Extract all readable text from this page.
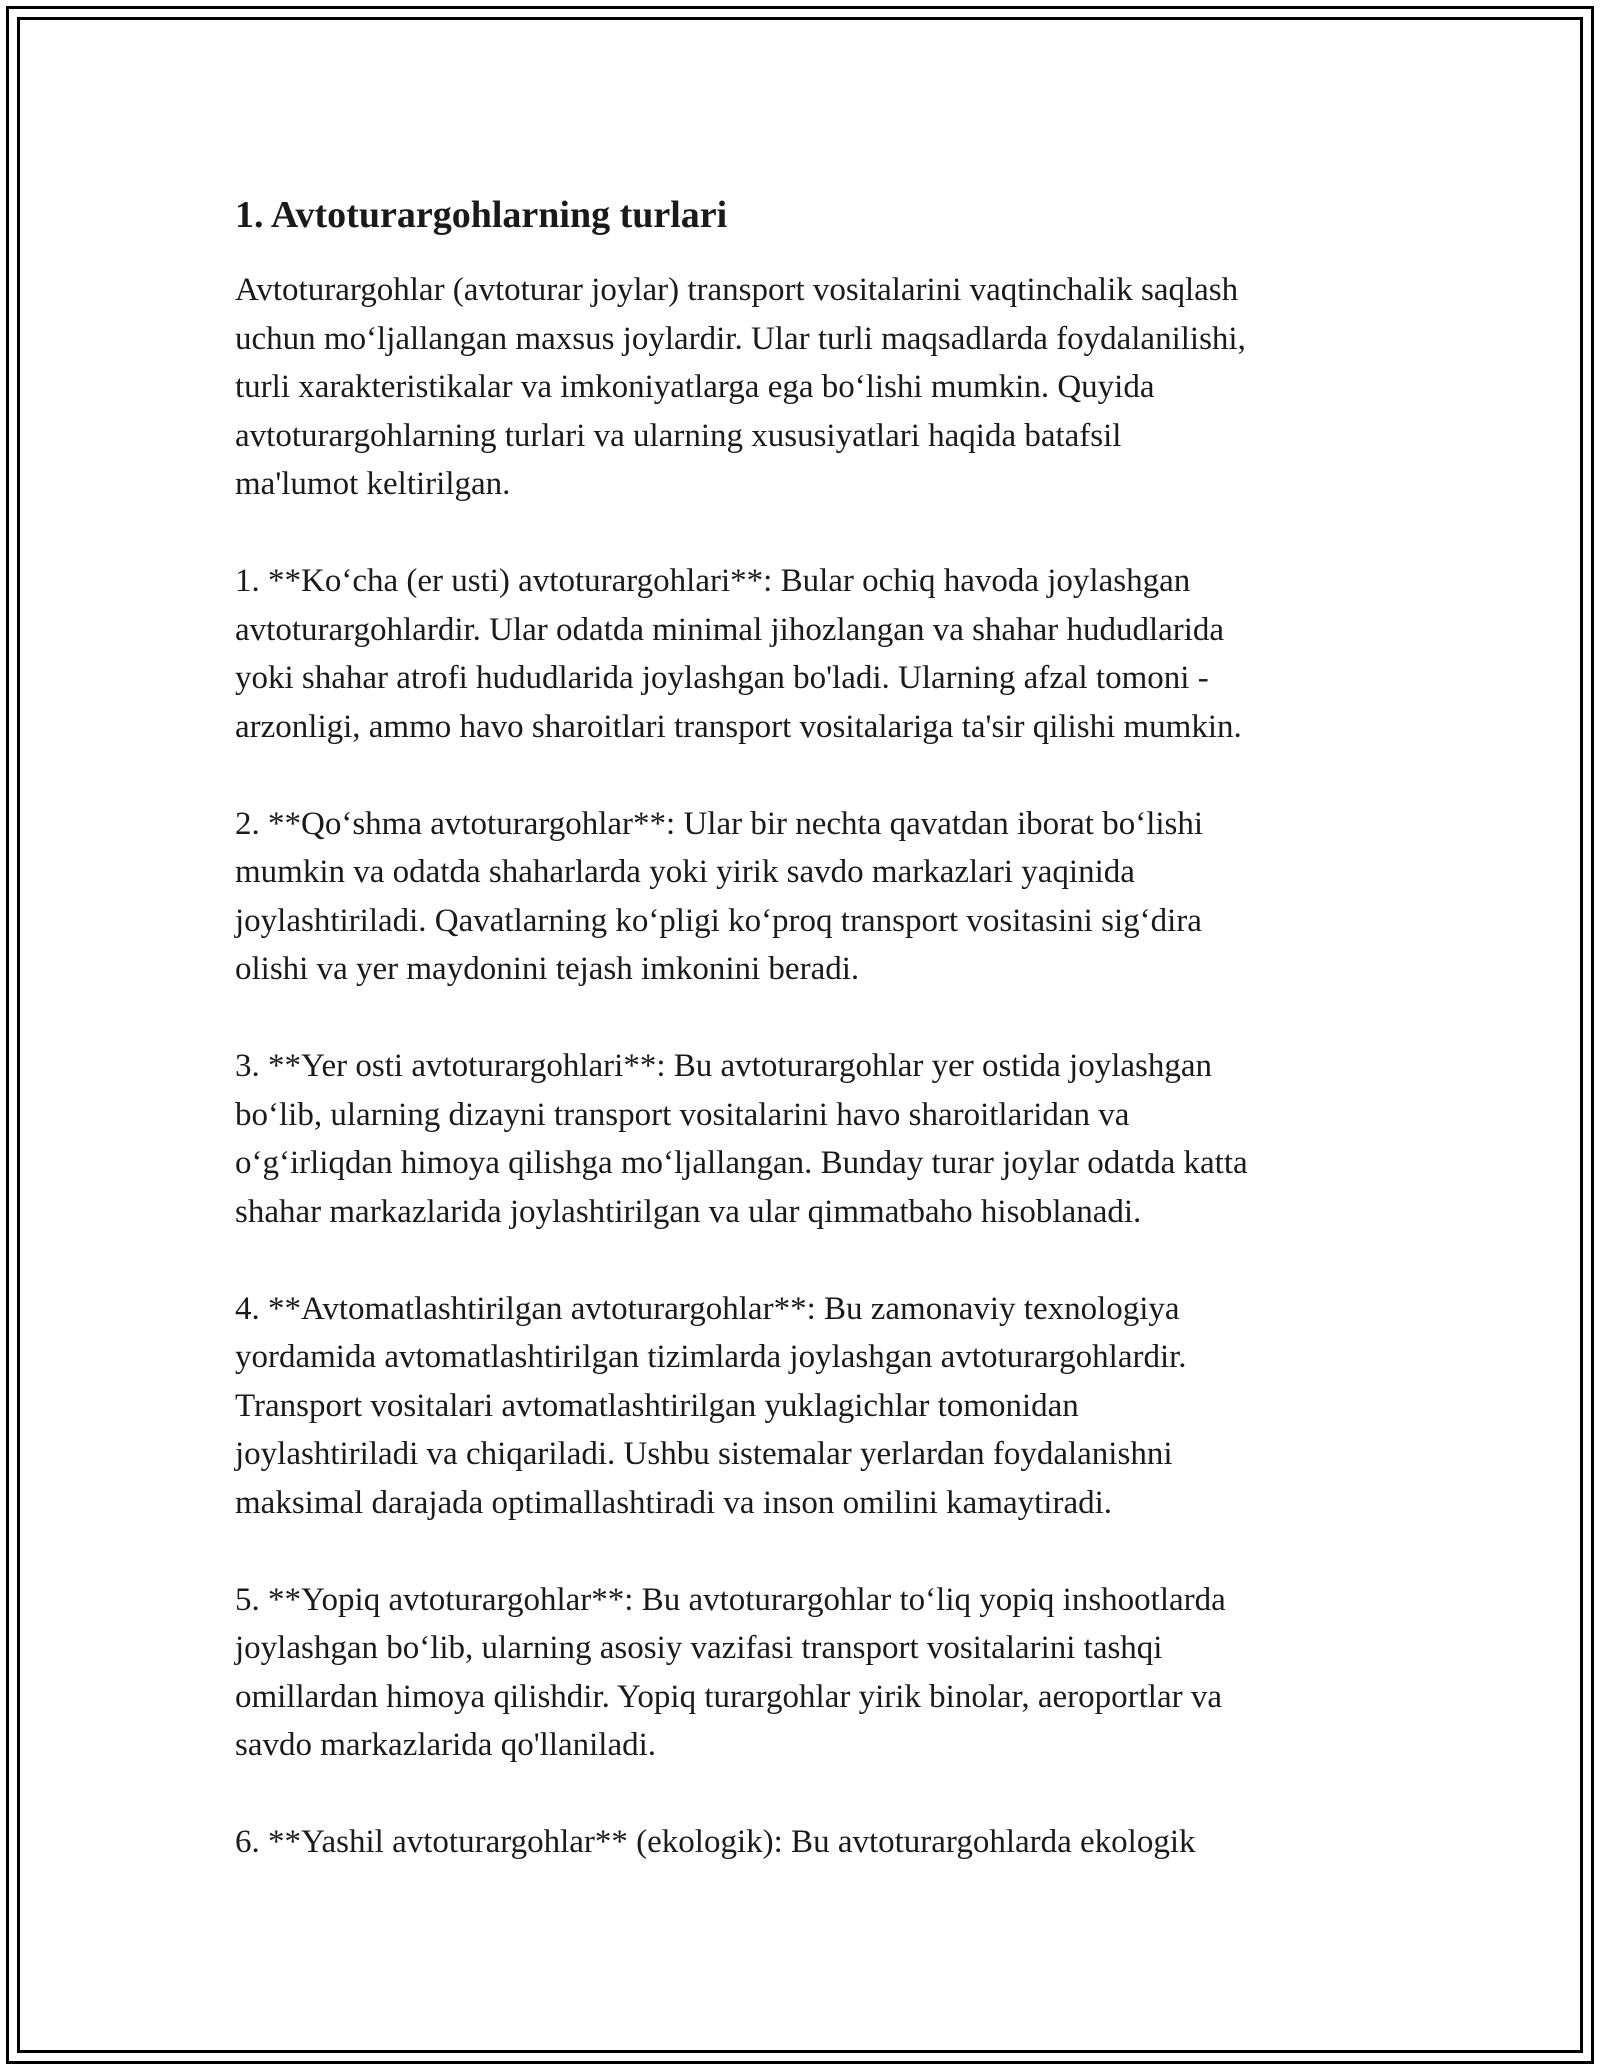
1. Avtoturargohlarning turlari

Avtoturargohlar (avtoturar joylar) transport vositalarini vaqtinchalik saqlash
uchun mo‘ljallangan maxsus joylardir. Ular turli maqsadlarda foydalanilishi,
turli xarakteristikalar va imkoniyatlarga ega bo‘lishi mumkin. Quyida
avtoturargohlarning turlari va ularning xususiyatlari haqida batafsil
ma'lumot keltirilgan.

1. **Ko‘cha (er usti) avtoturargohlari**: Bular ochiq havoda joylashgan
avtoturargohlardir. Ular odatda minimal jihozlangan va shahar hududlarida
yoki shahar atrofi hududlarida joylashgan bo'ladi. Ularning afzal tomoni -
arzonligi, ammo havo sharoitlari transport vositalariga ta'sir qilishi mumkin.

2. **Qo‘shma avtoturargohlar**: Ular bir nechta qavatdan iborat bo‘lishi
mumkin va odatda shaharlarda yoki yirik savdo markazlari yaqinida
joylashtiriladi. Qavatlarning ko‘pligi ko‘proq transport vositasini sig‘dira
olishi va yer maydonini tejash imkonini beradi.

3. **Yer osti avtoturargohlari**: Bu avtoturargohlar yer ostida joylashgan
bo‘lib, ularning dizayni transport vositalarini havo sharoitlaridan va
o‘g‘irliqdan himoya qilishga mo‘ljallangan. Bunday turar joylar odatda katta
shahar markazlarida joylashtirilgan va ular qimmatbaho hisoblanadi.

4. **Avtomatlashtirilgan avtoturargohlar**: Bu zamonaviy texnologiya
yordamida avtomatlashtirilgan tizimlarda joylashgan avtoturargohlardir.
Transport vositalari avtomatlashtirilgan yuklagichlar tomonidan
joylashtiriladi va chiqariladi. Ushbu sistemalar yerlardan foydalanishni
maksimal darajada optimallashtiradi va inson omilini kamaytiradi.

5. **Yopiq avtoturargohlar**: Bu avtoturargohlar to‘liq yopiq inshootlarda
joylashgan bo‘lib, ularning asosiy vazifasi transport vositalarini tashqi
omillardan himoya qilishdir. Yopiq turargohlar yirik binolar, aeroportlar va
savdo markazlarida qo'llaniladi.

6. **Yashil avtoturargohlar** (ekologik): Bu avtoturargohlarda ekologik
